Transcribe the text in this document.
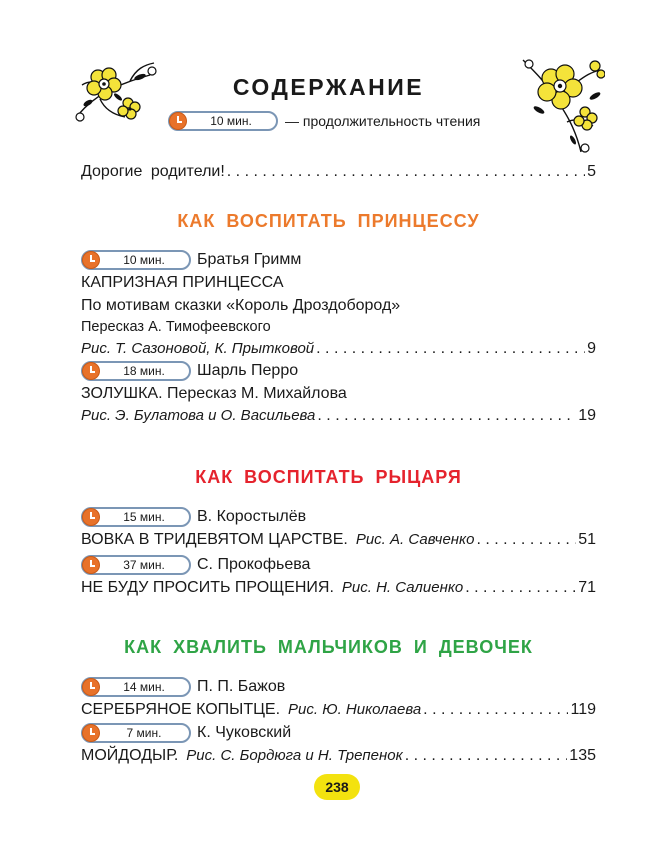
СОДЕРЖАНИЕ
10 мин.	— продолжительность чтения
Дорогие родители! . . .	5
КАК ВОСПИТАТЬ ПРИНЦЕССУ
10 мин.	Братья Гримм
КАПРИЗНАЯ ПРИНЦЕССА
По мотивам сказки «Король Дроздобород»
Пересказ А. Тимофеевского
Рис. Т. Сазоновой, К. Прытковой . . .	9
18 мин.	Шарль Перро
ЗОЛУШКА. Пересказ М. Михайлова
Рис. Э. Булатова и О. Васильева . . .	19
КАК ВОСПИТАТЬ РЫЦАРЯ
15 мин.	В. Коростылёв
ВОВКА В ТРИДЕВЯТОМ ЦАРСТВЕ. Рис. А. Савченко . . .	51
37 мин.	С. Прокофьева
НЕ БУДУ ПРОСИТЬ ПРОЩЕНИЯ. Рис. Н. Салиенко . . .	71
КАК ХВАЛИТЬ МАЛЬЧИКОВ И ДЕВОЧЕК
14 мин.	П. П. Бажов
СЕРЕБРЯНОЕ КОПЫТЦЕ. Рис. Ю. Николаева . . .	119
7 мин.	К. Чуковский
МОЙДОДЫР. Рис. С. Бордюга и Н. Трепенок . . .	135
238
